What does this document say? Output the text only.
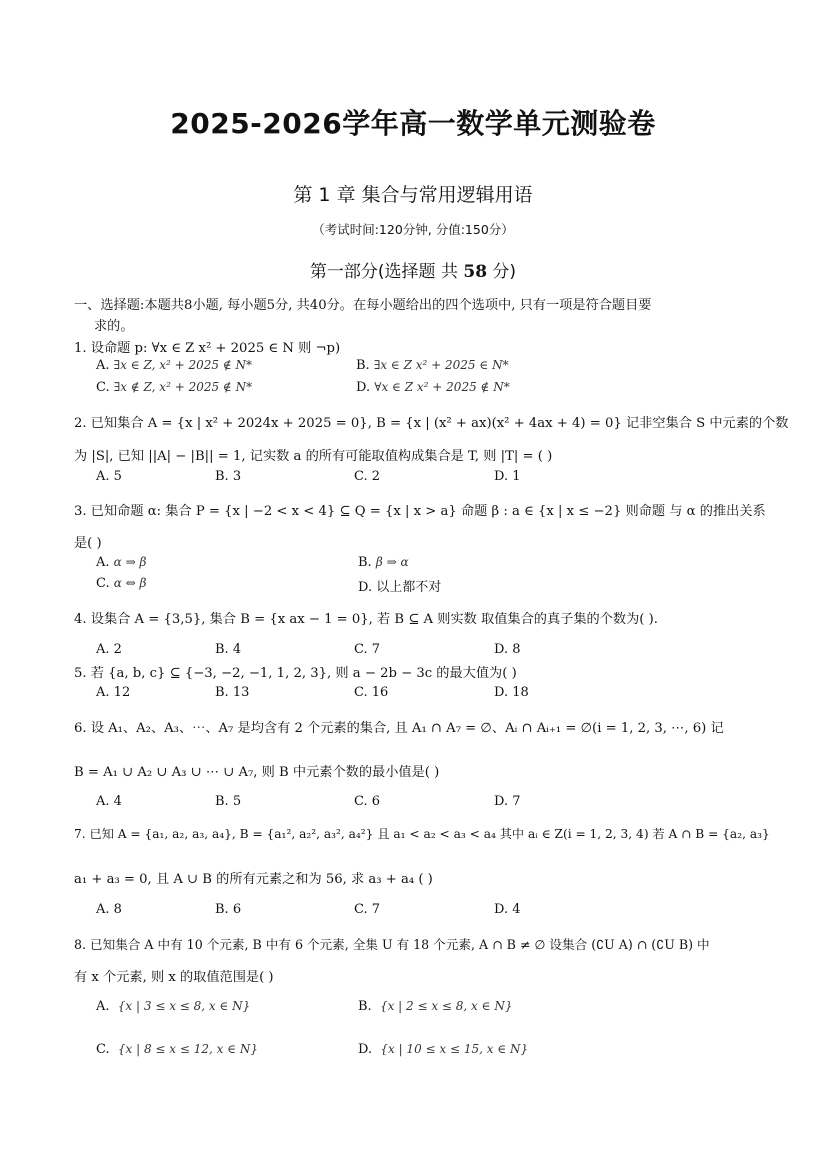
2025-2026学年高一数学单元测验卷
第 1 章 集合与常用逻辑用语
（考试时间:120分钟, 分值:150分）
第一部分(选择题 共 58 分)
一、选择题:本题共8小题, 每小题5分, 共40分。在每小题给出的四个选项中, 只有一项是符合题目要
求的。
1. 设命题 p: ∀x ∈ Z x² + 2025 ∈ N 则 ¬p)
A. ∃x ∈ Z, x² + 2025 ∉ N*	B. ∃x ∈ Z x² + 2025 ∈ N*
C. ∃x ∉ Z, x² + 2025 ∉ N*	D. ∀x ∈ Z x² + 2025 ∉ N*
2. 已知集合 A = {x | x² + 2024x + 2025 = 0}, B = {x | (x² + ax)(x² + 4ax + 4) = 0} 记非空集合 S 中元素的个数
为 |S|, 已知 ||A| − |B|| = 1, 记实数 a 的所有可能取值构成集合是 T, 则 |T| = ( )
A. 5	B. 3	C. 2	D. 1
3. 已知命题 α: 集合 P = {x | −2 < x < 4} ⊆ Q = {x | x > a} 命题 β : a ∈ {x | x ≤ −2} 则命题 与 α 的推出关系
是( )
A. α ⇒ β	B. β ⇒ α
C. α ⇔ β	D. 以上都不对
4. 设集合 A = {3,5}, 集合 B = {x ax − 1 = 0}, 若 B ⊆ A 则实数 取值集合的真子集的个数为( ).
A. 2	B. 4	C. 7	D. 8
5. 若 {a, b, c} ⊆ {−3, −2, −1, 1, 2, 3}, 则 a − 2b − 3c 的最大值为( )
A. 12	B. 13	C. 16	D. 18
6. 设 A₁、A₂、A₃、⋯、A₇ 是均含有 2 个元素的集合, 且 A₁ ∩ A₇ = ∅、Aᵢ ∩ Aᵢ₊₁ = ∅(i = 1, 2, 3, ⋯, 6) 记
B = A₁ ∪ A₂ ∪ A₃ ∪ ⋯ ∪ A₇, 则 B 中元素个数的最小值是( )
A. 4	B. 5	C. 6	D. 7
7. 已知 A = {a₁, a₂, a₃, a₄}, B = {a₁², a₂², a₃², a₄²} 且 a₁ < a₂ < a₃ < a₄ 其中 aᵢ ∈ Z(i = 1, 2, 3, 4) 若 A ∩ B = {a₂, a₃}
a₁ + a₃ = 0, 且 A ∪ B 的所有元素之和为 56, 求 a₃ + a₄ ( )
A. 8	B. 6	C. 7	D. 4
8. 已知集合 A 中有 10 个元素, B 中有 6 个元素, 全集 U 有 18 个元素, A ∩ B ≠ ∅ 设集合 (∁U A) ∩ (∁U B) 中
有 x 个元素, 则 x 的取值范围是( )
A. {x | 3 ≤ x ≤ 8, x ∈ N}	B. {x | 2 ≤ x ≤ 8, x ∈ N}
C. {x | 8 ≤ x ≤ 12, x ∈ N}	D. {x | 10 ≤ x ≤ 15, x ∈ N}
